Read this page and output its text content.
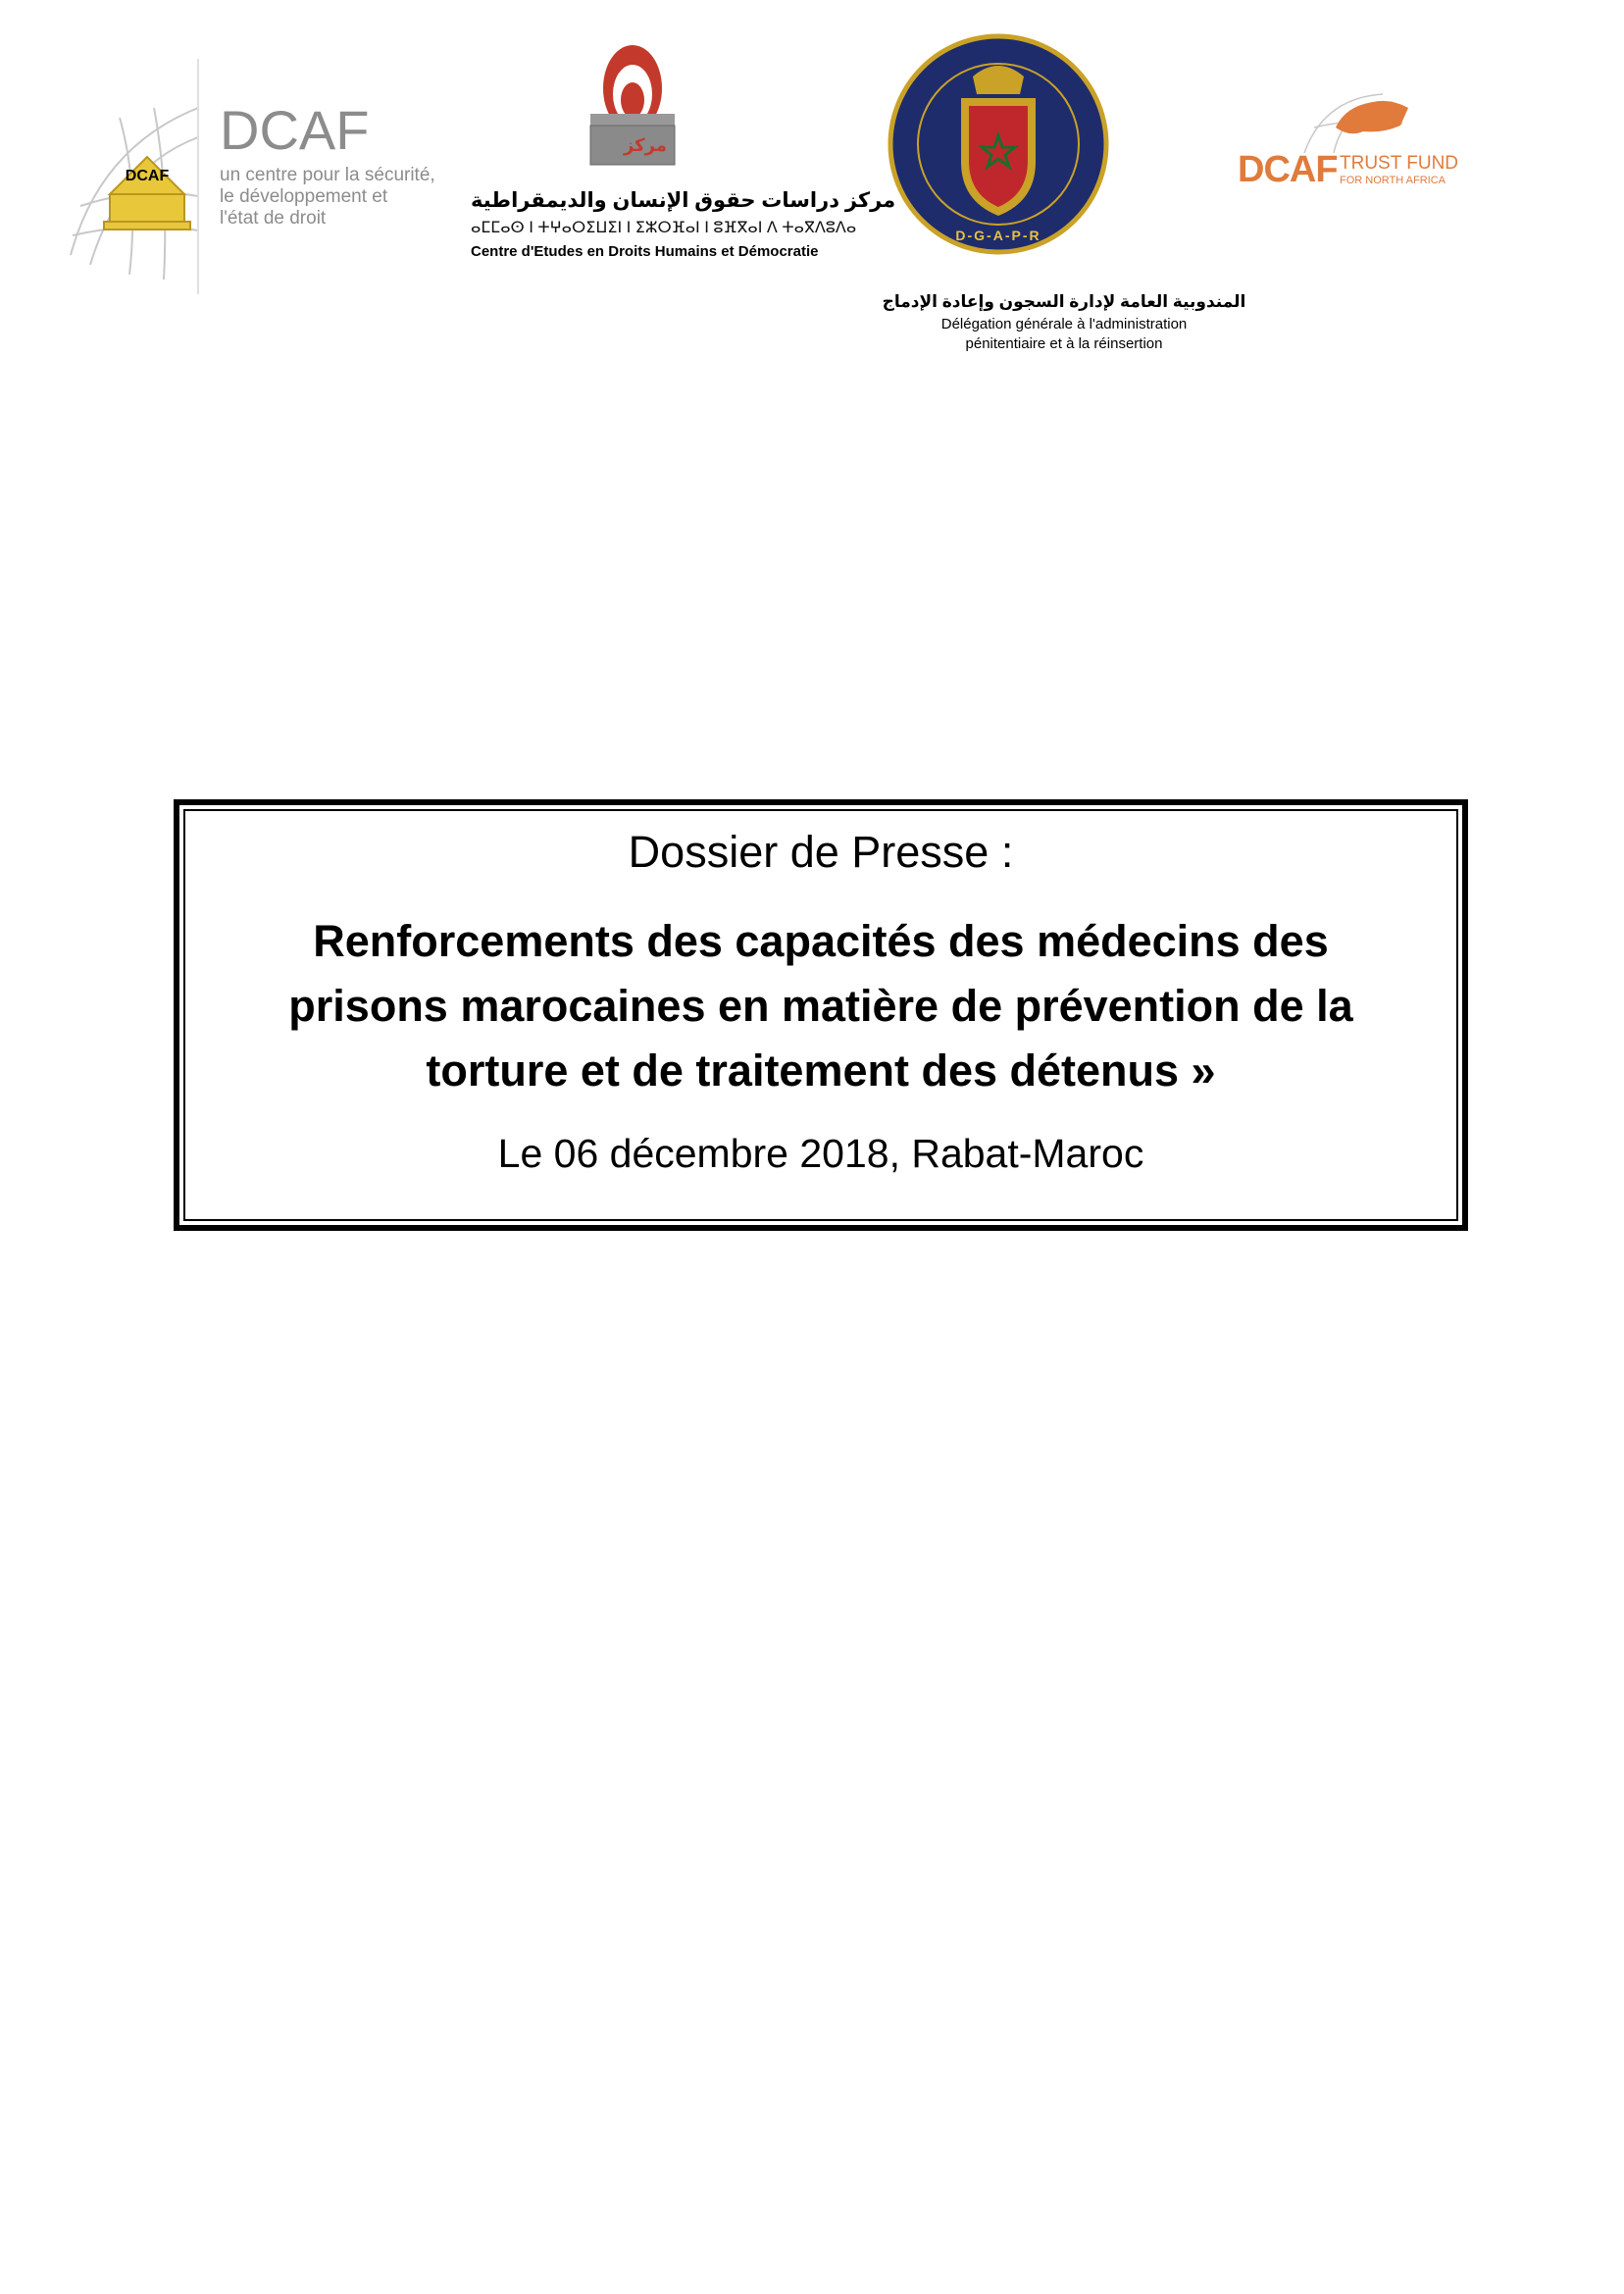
DCAF
DCAF
un centre pour la sécurité,
le développement et
l'état de droit
مركز
مركز دراسات حقوق الإنسان والديمقراطية
ⴰⵎⵎⴰⵙ ⵏ ⵜⵖⴰⵔⵉⵡⵉⵏ ⵏ ⵉⵣⵔⴼⴰⵏ ⵏ ⵓⴼⴳⴰⵏ ⴷ ⵜⴰⴳⴷⵓⴷⴰ
Centre d'Etudes en Droits Humains et Démocratie
D-G-A-P-R
المندوبية العامة لإدارة السجون وإعادة الإدماج
Délégation générale à l'administration
pénitentiaire et à la réinsertion
DCAF TRUST FUND
FOR NORTH AFRICA
Dossier de Presse :
Renforcements des capacités des médecins des
prisons marocaines en matière de prévention de la
torture et de traitement des détenus »
Le 06 décembre 2018, Rabat-Maroc
